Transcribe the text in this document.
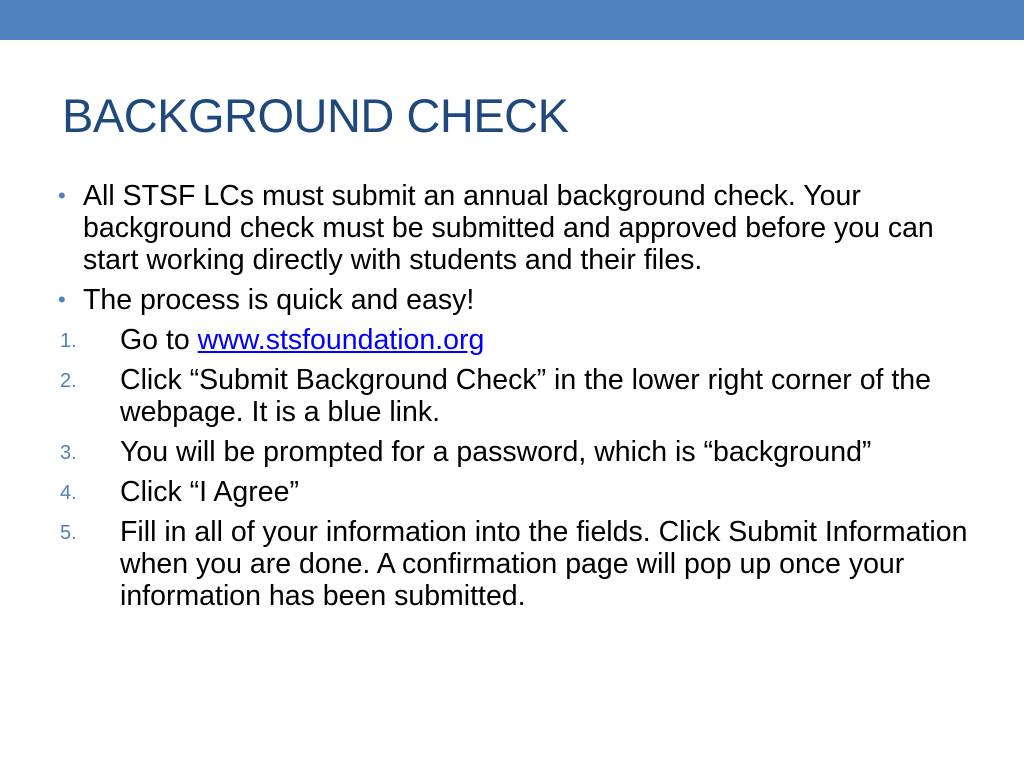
BACKGROUND CHECK
• All STSF LCs must submit an annual background check. Your background check must be submitted and approved before you can start working directly with students and their files.
• The process is quick and easy!
1. Go to www.stsfoundation.org
2. Click “Submit Background Check” in the lower right corner of the webpage. It is a blue link.
3. You will be prompted for a password, which is “background”
4. Click “I Agree”
5. Fill in all of your information into the fields. Click Submit Information when you are done. A confirmation page will pop up once your information has been submitted.
